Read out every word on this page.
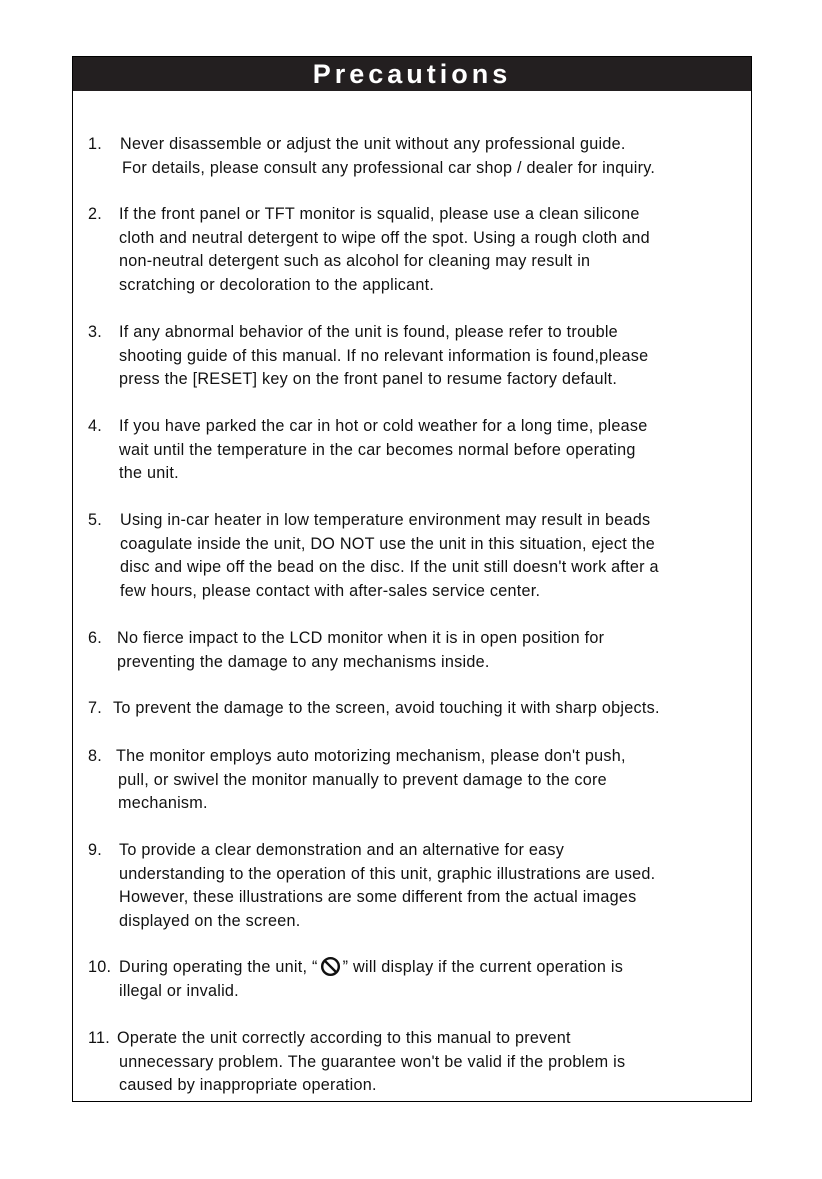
Precautions
1. Never disassemble or adjust the unit without any professional guide.
For details, please consult any professional car shop / dealer for inquiry.
2. If the front panel or TFT monitor is squalid, please use a clean silicone
cloth and neutral detergent to wipe off the spot. Using a rough cloth and
non-neutral detergent such as alcohol for cleaning may result in
scratching or decoloration to the applicant.
3. If any abnormal behavior of the unit is found, please refer to trouble
shooting guide of this manual. If no relevant information is found,please
press the [RESET] key on the front panel to resume factory default.
4. If you have parked the car in hot or cold weather for a long time, please
wait until the temperature in the car becomes normal before operating
the unit.
5. Using in-car heater in low temperature environment may result in beads
coagulate inside the unit, DO NOT use the unit in this situation, eject the
disc and wipe off the bead on the disc. If the unit still doesn't work after a
few hours, please contact with after-sales service center.
6. No fierce impact to the LCD monitor when it is in open position for
preventing the damage to any mechanisms inside.
7. To prevent the damage to the screen, avoid touching it with sharp objects.
8. The monitor employs auto motorizing mechanism, please don't push,
pull, or swivel the monitor manually to prevent damage to the core
mechanism.
9. To provide a clear demonstration and an alternative for easy
understanding to the operation of this unit, graphic illustrations are used.
However, these illustrations are some different from the actual images
displayed on the screen.
10. During operating the unit, “ ” will display if the current operation is
illegal or invalid.
11. Operate the unit correctly according to this manual to prevent
unnecessary problem. The guarantee won't be valid if the problem is
caused by inappropriate operation.
